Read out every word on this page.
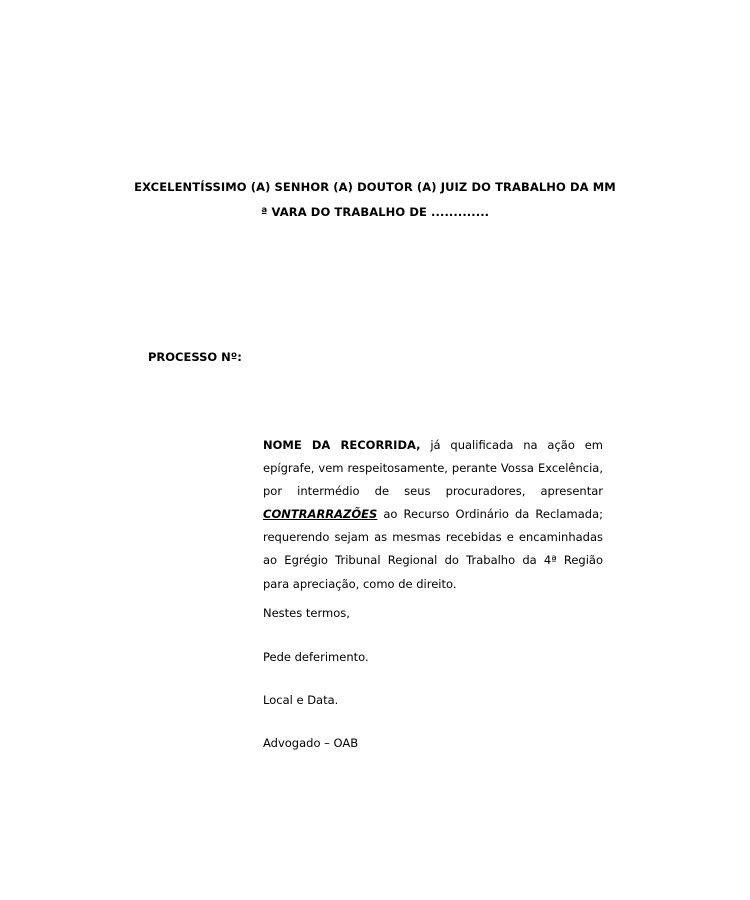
EXCELENTÍSSIMO (A) SENHOR (A) DOUTOR (A) JUIZ DO TRABALHO DA MM
ª VARA DO TRABALHO DE .............
PROCESSO Nº:
NOME DA RECORRIDA, já qualificada na ação em epígrafe, vem respeitosamente, perante Vossa Excelência, por intermédio de seus procuradores, apresentar CONTRARRAZÕES ao Recurso Ordinário da Reclamada; requerendo sejam as mesmas recebidas e encaminhadas ao Egrégio Tribunal Regional do Trabalho da 4ª Região para apreciação, como de direito.
Nestes termos,
Pede deferimento.
Local e Data.
Advogado – OAB
